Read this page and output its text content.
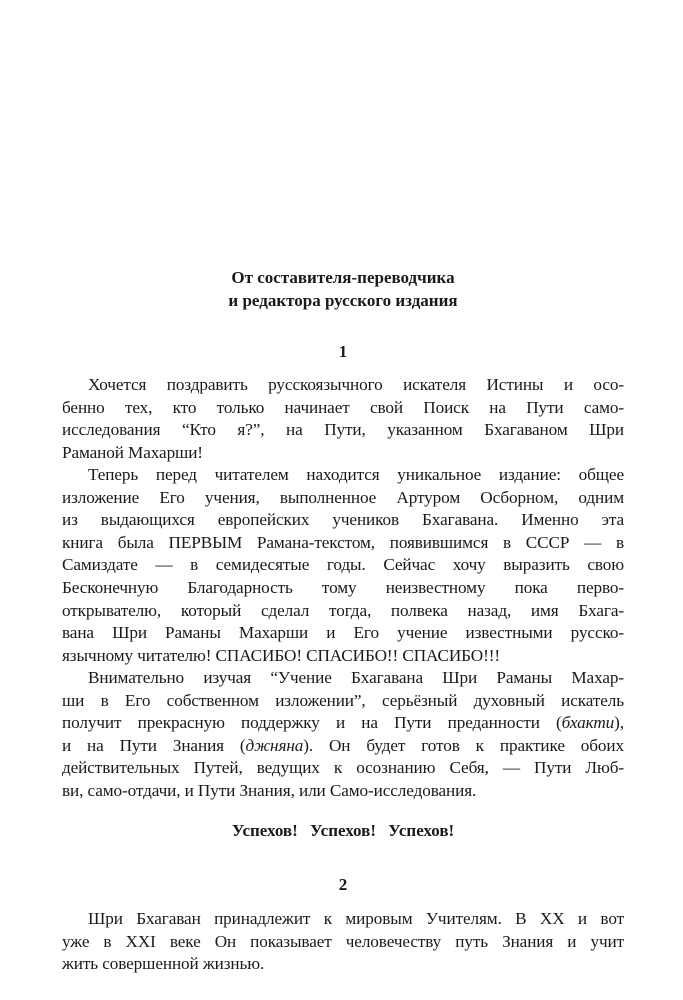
От составителя-переводчика
и редактора русского издания

1

Хочется поздравить русскоязычного искателя Истины и осо-
бенно тех, кто только начинает свой Поиск на Пути само-
исследования “Кто я?”, на Пути, указанном Бхагаваном Шри
Раманой Махарши!
Теперь перед читателем находится уникальное издание: общее
изложение Его учения, выполненное Артуром Осборном, одним
из выдающихся европейских учеников Бхагавана. Именно эта
книга была ПЕРВЫМ Рамана-текстом, появившимся в СССР — в
Самиздате — в семидесятые годы. Сейчас хочу выразить свою
Бесконечную Благодарность тому неизвестному пока перво-
открывателю, который сделал тогда, полвека назад, имя Бхага-
вана Шри Раманы Махарши и Его учение известными русско-
язычному читателю! СПАСИБО! СПАСИБО!! СПАСИБО!!!
Внимательно изучая “Учение Бхагавана Шри Раманы Махар-
ши в Его собственном изложении”, серьёзный духовный искатель
получит прекрасную поддержку и на Пути преданности (бхакти),
и на Пути Знания (джняна). Он будет готов к практике обоих
действительных Путей, ведущих к осознанию Себя, — Пути Люб-
ви, само-отдачи, и Пути Знания, или Само-исследования.

Успехов! Успехов! Успехов!

2

Шри Бхагаван принадлежит к мировым Учителям. В XX и вот
уже в XXI веке Он показывает человечеству путь Знания и учит
жить совершенной жизнью.
